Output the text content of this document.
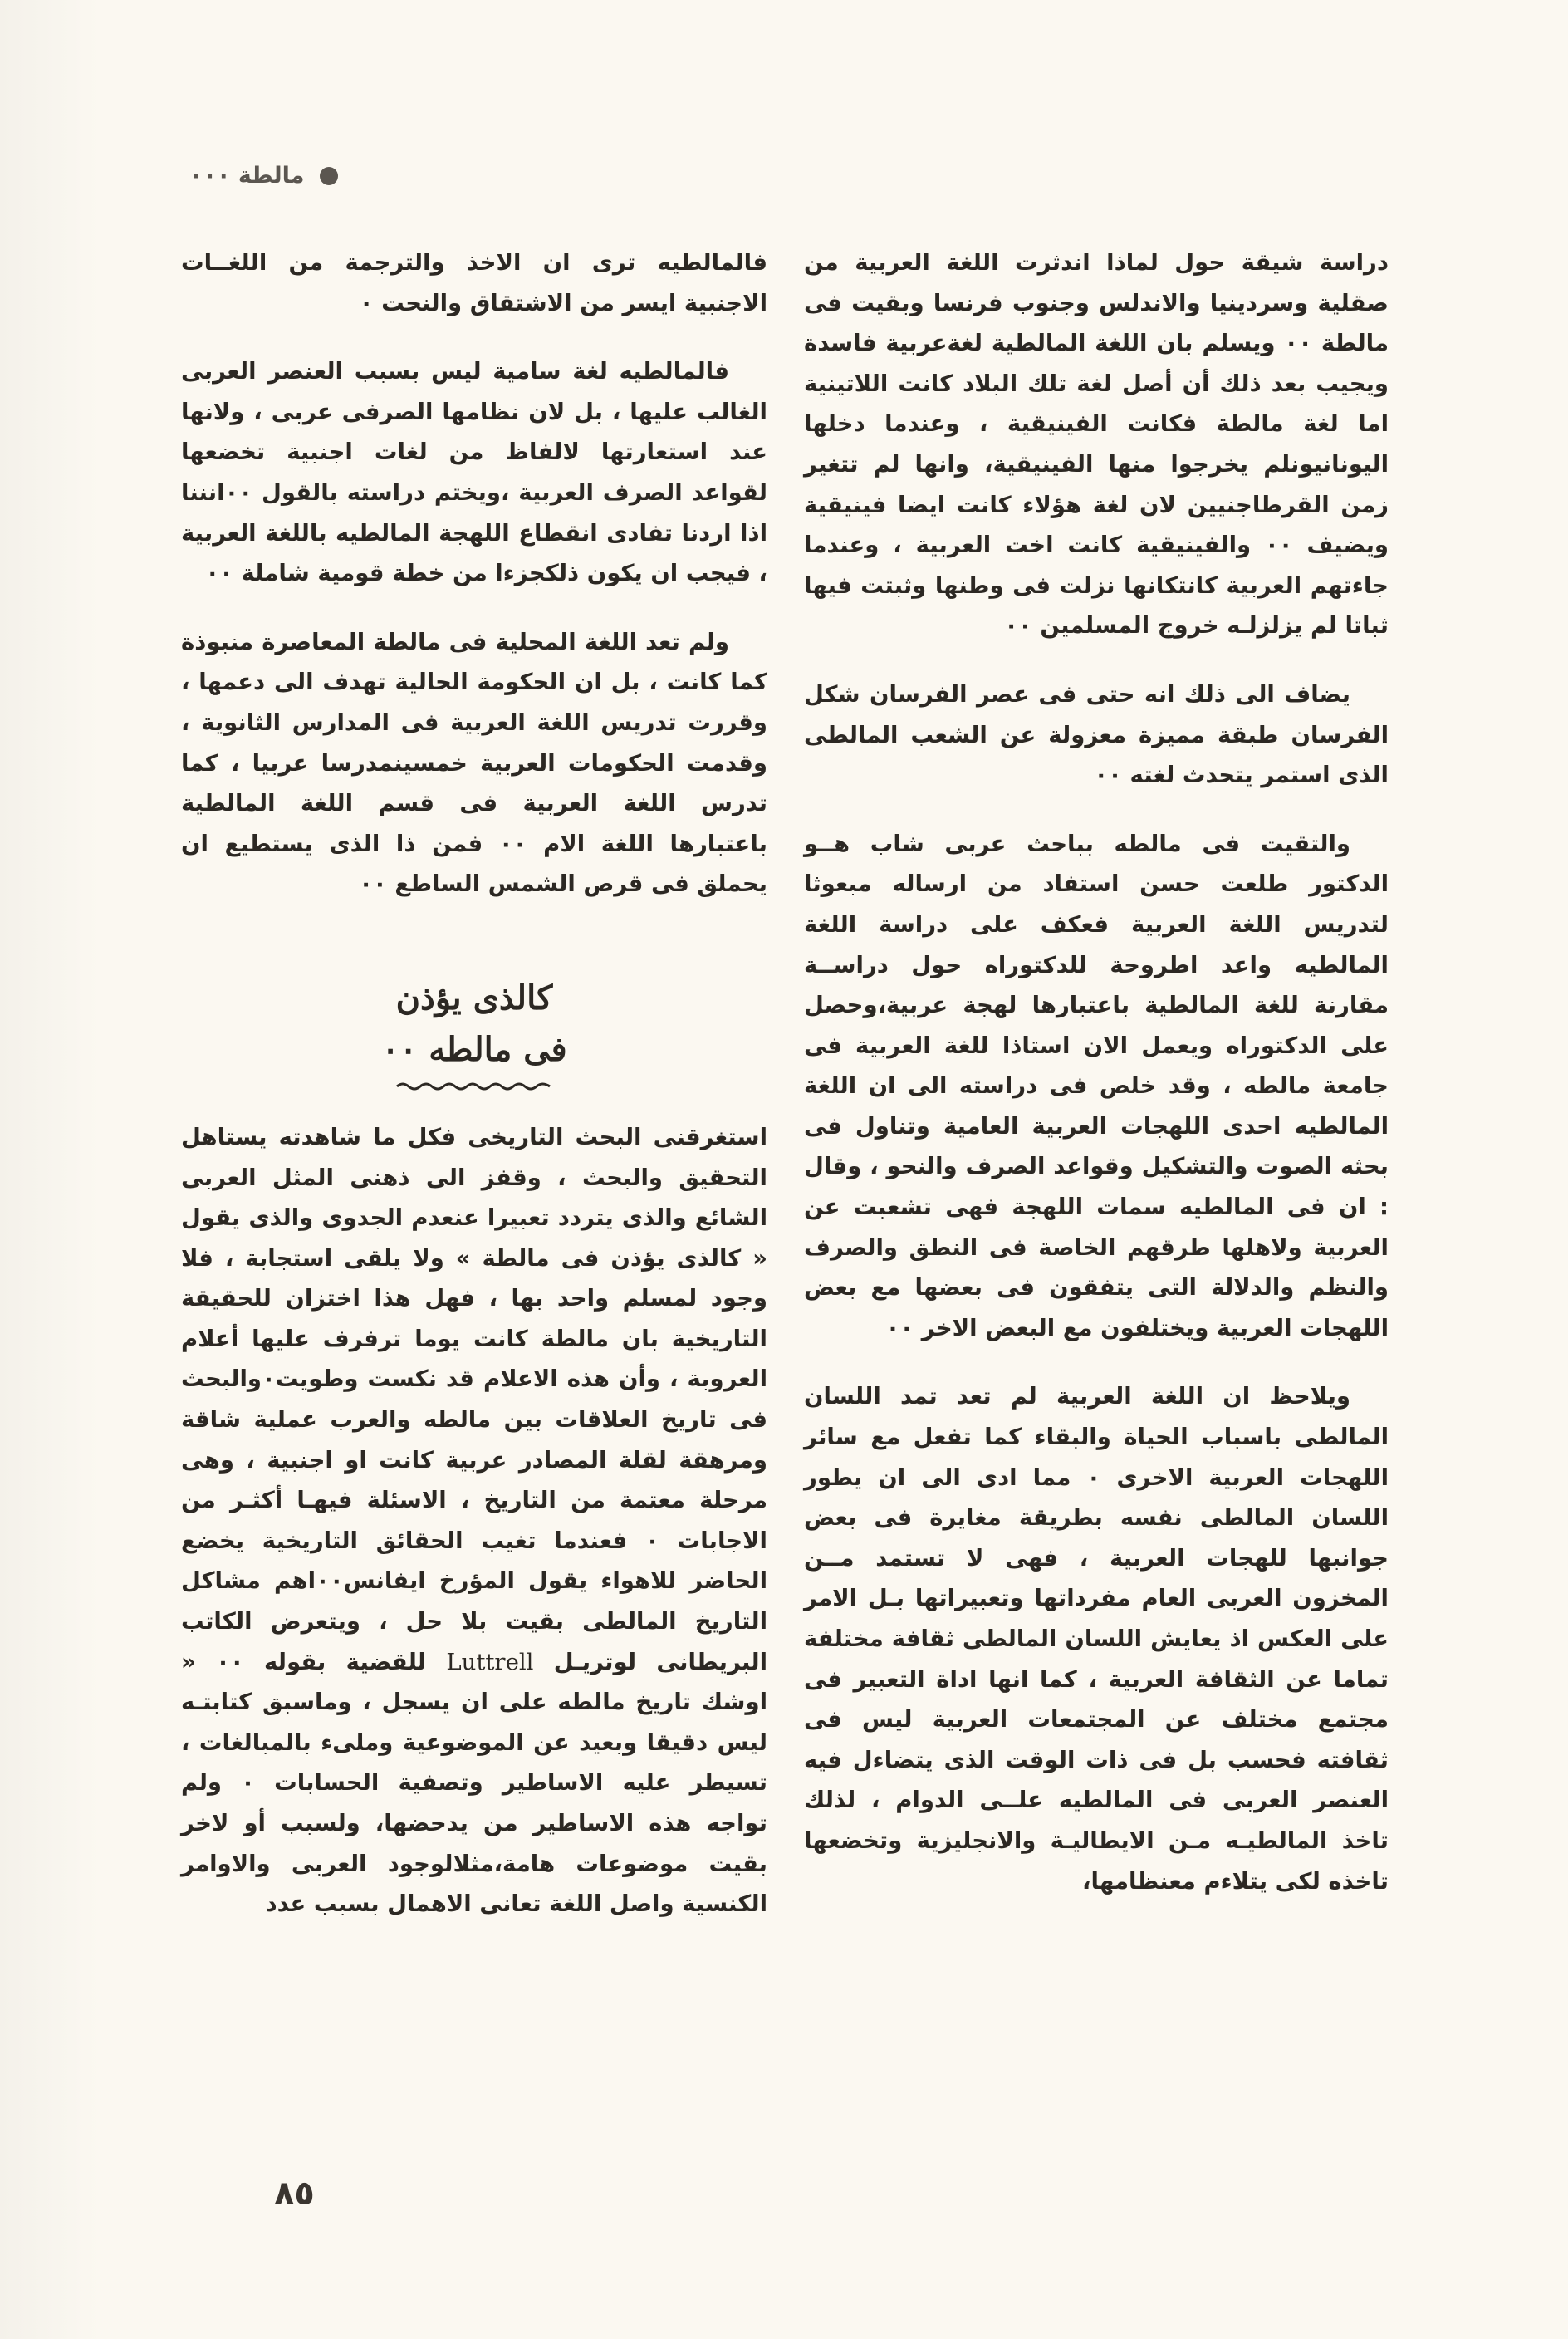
مالطة ٠٠٠

دراسة شيقة حول لماذا اندثرت اللغة العربية من صقلية وسردينيا والاندلس وجنوب فرنسا وبقيت فى مالطة ٠٠ ويسلم بان اللغة المالطية لغةعربية فاسدة ويجيب بعد ذلك أن أصل لغة تلك البلاد كانت اللاتينية اما لغة مالطة فكانت الفينيقية ، وعندما دخلها اليونانيونلم يخرجوا منها الفينيقية، وانها لم تتغير زمن القرطاجنيين لان لغة هؤلاء كانت ايضا فينيقية ويضيف ٠٠ والفينيقية كانت اخت العربية ، وعندما جاءتهم العربية كانتكانها نزلت فى وطنها وثبتت فيها ثباتا لم يزلزلـه خروج المسلمين ٠٠

يضاف الى ذلك انه حتى فى عصر الفرسان شكل الفرسان طبقة مميزة معزولة عن الشعب المالطى الذى استمر يتحدث لغته ٠٠

والتقيت فى مالطه بباحث عربى شاب هــو الدكتور طلعت حسن استفاد من ارساله مبعوثا لتدريس اللغة العربية فعكف على دراسة اللغة المالطيه واعد اطروحة للدكتوراه حول دراســة مقارنة للغة المالطية باعتبارها لهجة عربية،وحصل على الدكتوراه ويعمل الان استاذا للغة العربية فى جامعة مالطه ، وقد خلص فى دراسته الى ان اللغة المالطيه احدى اللهجات العربية العامية وتناول فى بحثه الصوت والتشكيل وقواعد الصرف والنحو ، وقال : ان فى المالطيه سمات اللهجة فهى تشعبت عن العربية ولاهلها طرقهم الخاصة فى النطق والصرف والنظم والدلالة التى يتفقون فى بعضها مع بعض اللهجات العربية ويختلفون مع البعض الاخر ٠٠

ويلاحظ ان اللغة العربية لم تعد تمد اللسان المالطى باسباب الحياة والبقاء كما تفعل مع سائر اللهجات العربية الاخرى ٠ مما ادى الى ان يطور اللسان المالطى نفسه بطريقة مغايرة فى بعض جوانبها للهجات العربية ، فهى لا تستمد مــن المخزون العربى العام مفرداتها وتعبيراتها بـل الامر على العكس اذ يعايش اللسان المالطى ثقافة مختلفة تماما عن الثقافة العربية ، كما انها اداة التعبير فى مجتمع مختلف عن المجتمعات العربية ليس فى ثقافته فحسب بل فى ذات الوقت الذى يتضاءل فيه العنصر العربى فى المالطيه علــى الدوام ، لذلك تاخذ المالطيـه مـن الايطاليـة والانجليزية وتخضعها تاخذه لكى يتلاءم معنظامها،

فالمالطيه ترى ان الاخذ والترجمة من اللغــات الاجنبية ايسر من الاشتقاق والنحت ٠

فالمالطيه لغة سامية ليس بسبب العنصر العربى الغالب عليها ، بل لان نظامها الصرفى عربى ، ولانها عند استعارتها لالفاظ من لغات اجنبية تخضعها لقواعد الصرف العربية ،ويختم دراسته بالقول ٠٠انننا اذا اردنا تفادى انقطاع اللهجة المالطيه باللغة العربية ، فيجب ان يكون ذلكجزءا من خطة قومية شاملة ٠٠

ولم تعد اللغة المحلية فى مالطة المعاصرة منبوذة كما كانت ، بل ان الحكومة الحالية تهدف الى دعمها ، وقررت تدريس اللغة العربية فى المدارس الثانوية ، وقدمت الحكومات العربية خمسينمدرسا عربيا ، كما تدرس اللغة العربية فى قسم اللغة المالطية باعتبارها اللغة الام ٠٠ فمن ذا الذى يستطيع ان يحملق فى قرص الشمس الساطع ٠٠

كالذى يؤذن
فى مالطه ٠٠

استغرقنى البحث التاريخى فكل ما شاهدته يستاهل التحقيق والبحث ، وقفز الى ذهنى المثل العربى الشائع والذى يتردد تعبيرا عنعدم الجدوى والذى يقول « كالذى يؤذن فى مالطة » ولا يلقى استجابة ، فلا وجود لمسلم واحد بها ، فهل هذا اختزان للحقيقة التاريخية بان مالطة كانت يوما ترفرف عليها أعلام العروبة ، وأن هذه الاعلام قد نكست وطويت٠والبحث فى تاريخ العلاقات بين مالطه والعرب عملية شاقة ومرهقة لقلة المصادر عربية كانت او اجنبية ، وهى مرحلة معتمة من التاريخ ، الاسئلة فيهـا أكثـر من الاجابات ٠ فعندما تغيب الحقائق التاريخية يخضع الحاضر للاهواء يقول المؤرخ ايفانس٠٠اهم مشاكل التاريخ المالطى بقيت بلا حل ، ويتعرض الكاتب البريطانى لوتريـل Luttrell للقضية بقوله ٠٠ « اوشك تاريخ مالطه على ان يسجل ، وماسبق كتابتـه ليس دقيقا وبعيد عن الموضوعية وملىء بالمبالغات ، تسيطر عليه الاساطير وتصفية الحسابات ٠ ولم تواجه هذه الاساطير من يدحضها، ولسبب أو لاخر بقيت موضوعات هامة،مثلالوجود العربى والاوامر الكنسية واصل اللغة تعانى الاهمال بسبب عدد

٨٥
